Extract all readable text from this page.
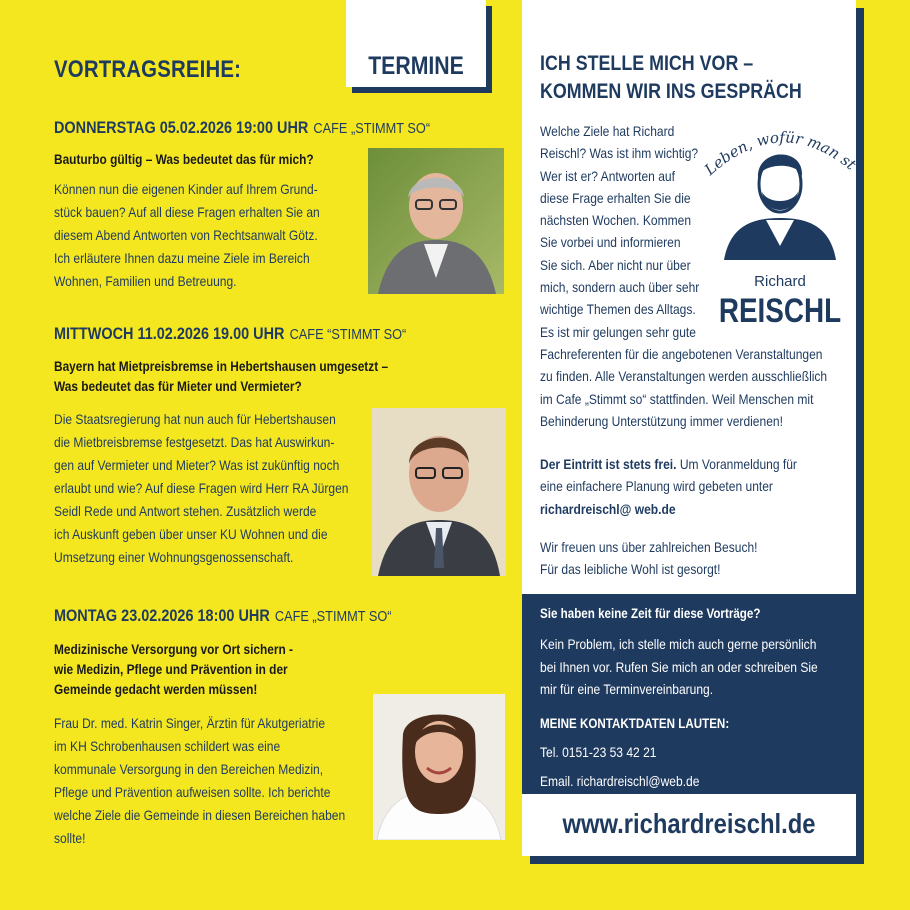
VORTRAGSREIHE:	TERMINE
DONNERSTAG 05.02.2026 19:00 UHR CAFE „STIMMT SO“
Bauturbo gültig – Was bedeutet das für mich?
Können nun die eigenen Kinder auf Ihrem Grund-
stück bauen? Auf all diese Fragen erhalten Sie an
diesem Abend Antworten von Rechtsanwalt Götz.
Ich erläutere Ihnen dazu meine Ziele im Bereich
Wohnen, Familien und Betreuung.
MITTWOCH 11.02.2026 19.00 UHR CAFE “STIMMT SO“
Bayern hat Mietpreisbremse in Hebertshausen umgesetzt –
Was bedeutet das für Mieter und Vermieter?
Die Staatsregierung hat nun auch für Hebertshausen
die Mietbreisbremse festgesetzt. Das hat Auswirkun-
gen auf Vermieter und Mieter? Was ist zukünftig noch
erlaubt und wie? Auf diese Fragen wird Herr RA Jürgen
Seidl Rede und Antwort stehen. Zusätzlich werde
ich Auskunft geben über unser KU Wohnen und die
Umsetzung einer Wohnungsgenossenschaft.
MONTAG 23.02.2026 18:00 UHR CAFE „STIMMT SO“
Medizinische Versorgung vor Ort sichern -
wie Medizin, Pflege und Prävention in der
Gemeinde gedacht werden müssen!
Frau Dr. med. Katrin Singer, Ärztin für Akutgeriatrie
im KH Schrobenhausen schildert was eine
kommunale Versorgung in den Bereichen Medizin,
Pflege und Prävention aufweisen sollte. Ich berichte
welche Ziele die Gemeinde in diesen Bereichen haben
sollte!
ICH STELLE MICH VOR –
KOMMEN WIR INS GESPRÄCH
Leben, wofür man st
Richard
REISCHL
Welche Ziele hat Richard
Reischl? Was ist ihm wichtig?
Wer ist er? Antworten auf
diese Frage erhalten Sie die
nächsten Wochen. Kommen
Sie vorbei und informieren
Sie sich. Aber nicht nur über
mich, sondern auch über sehr
wichtige Themen des Alltags.
Es ist mir gelungen sehr gute
Fachreferenten für die angebotenen Veranstaltungen
zu finden. Alle Veranstaltungen werden ausschließlich
im Cafe „Stimmt so“ stattfinden. Weil Menschen mit
Behinderung Unterstützung immer verdienen!
Der Eintritt ist stets frei. Um Voranmeldung für
eine einfachere Planung wird gebeten unter
richardreischl@ web.de
Wir freuen uns über zahlreichen Besuch!
Für das leibliche Wohl ist gesorgt!
Sie haben keine Zeit für diese Vorträge?
Kein Problem, ich stelle mich auch gerne persönlich
bei Ihnen vor. Rufen Sie mich an oder schreiben Sie
mir für eine Terminvereinbarung.
MEINE KONTAKTDATEN LAUTEN:
Tel. 0151-23 53 42 21
Email. richardreischl@web.de
www.richardreischl.de
